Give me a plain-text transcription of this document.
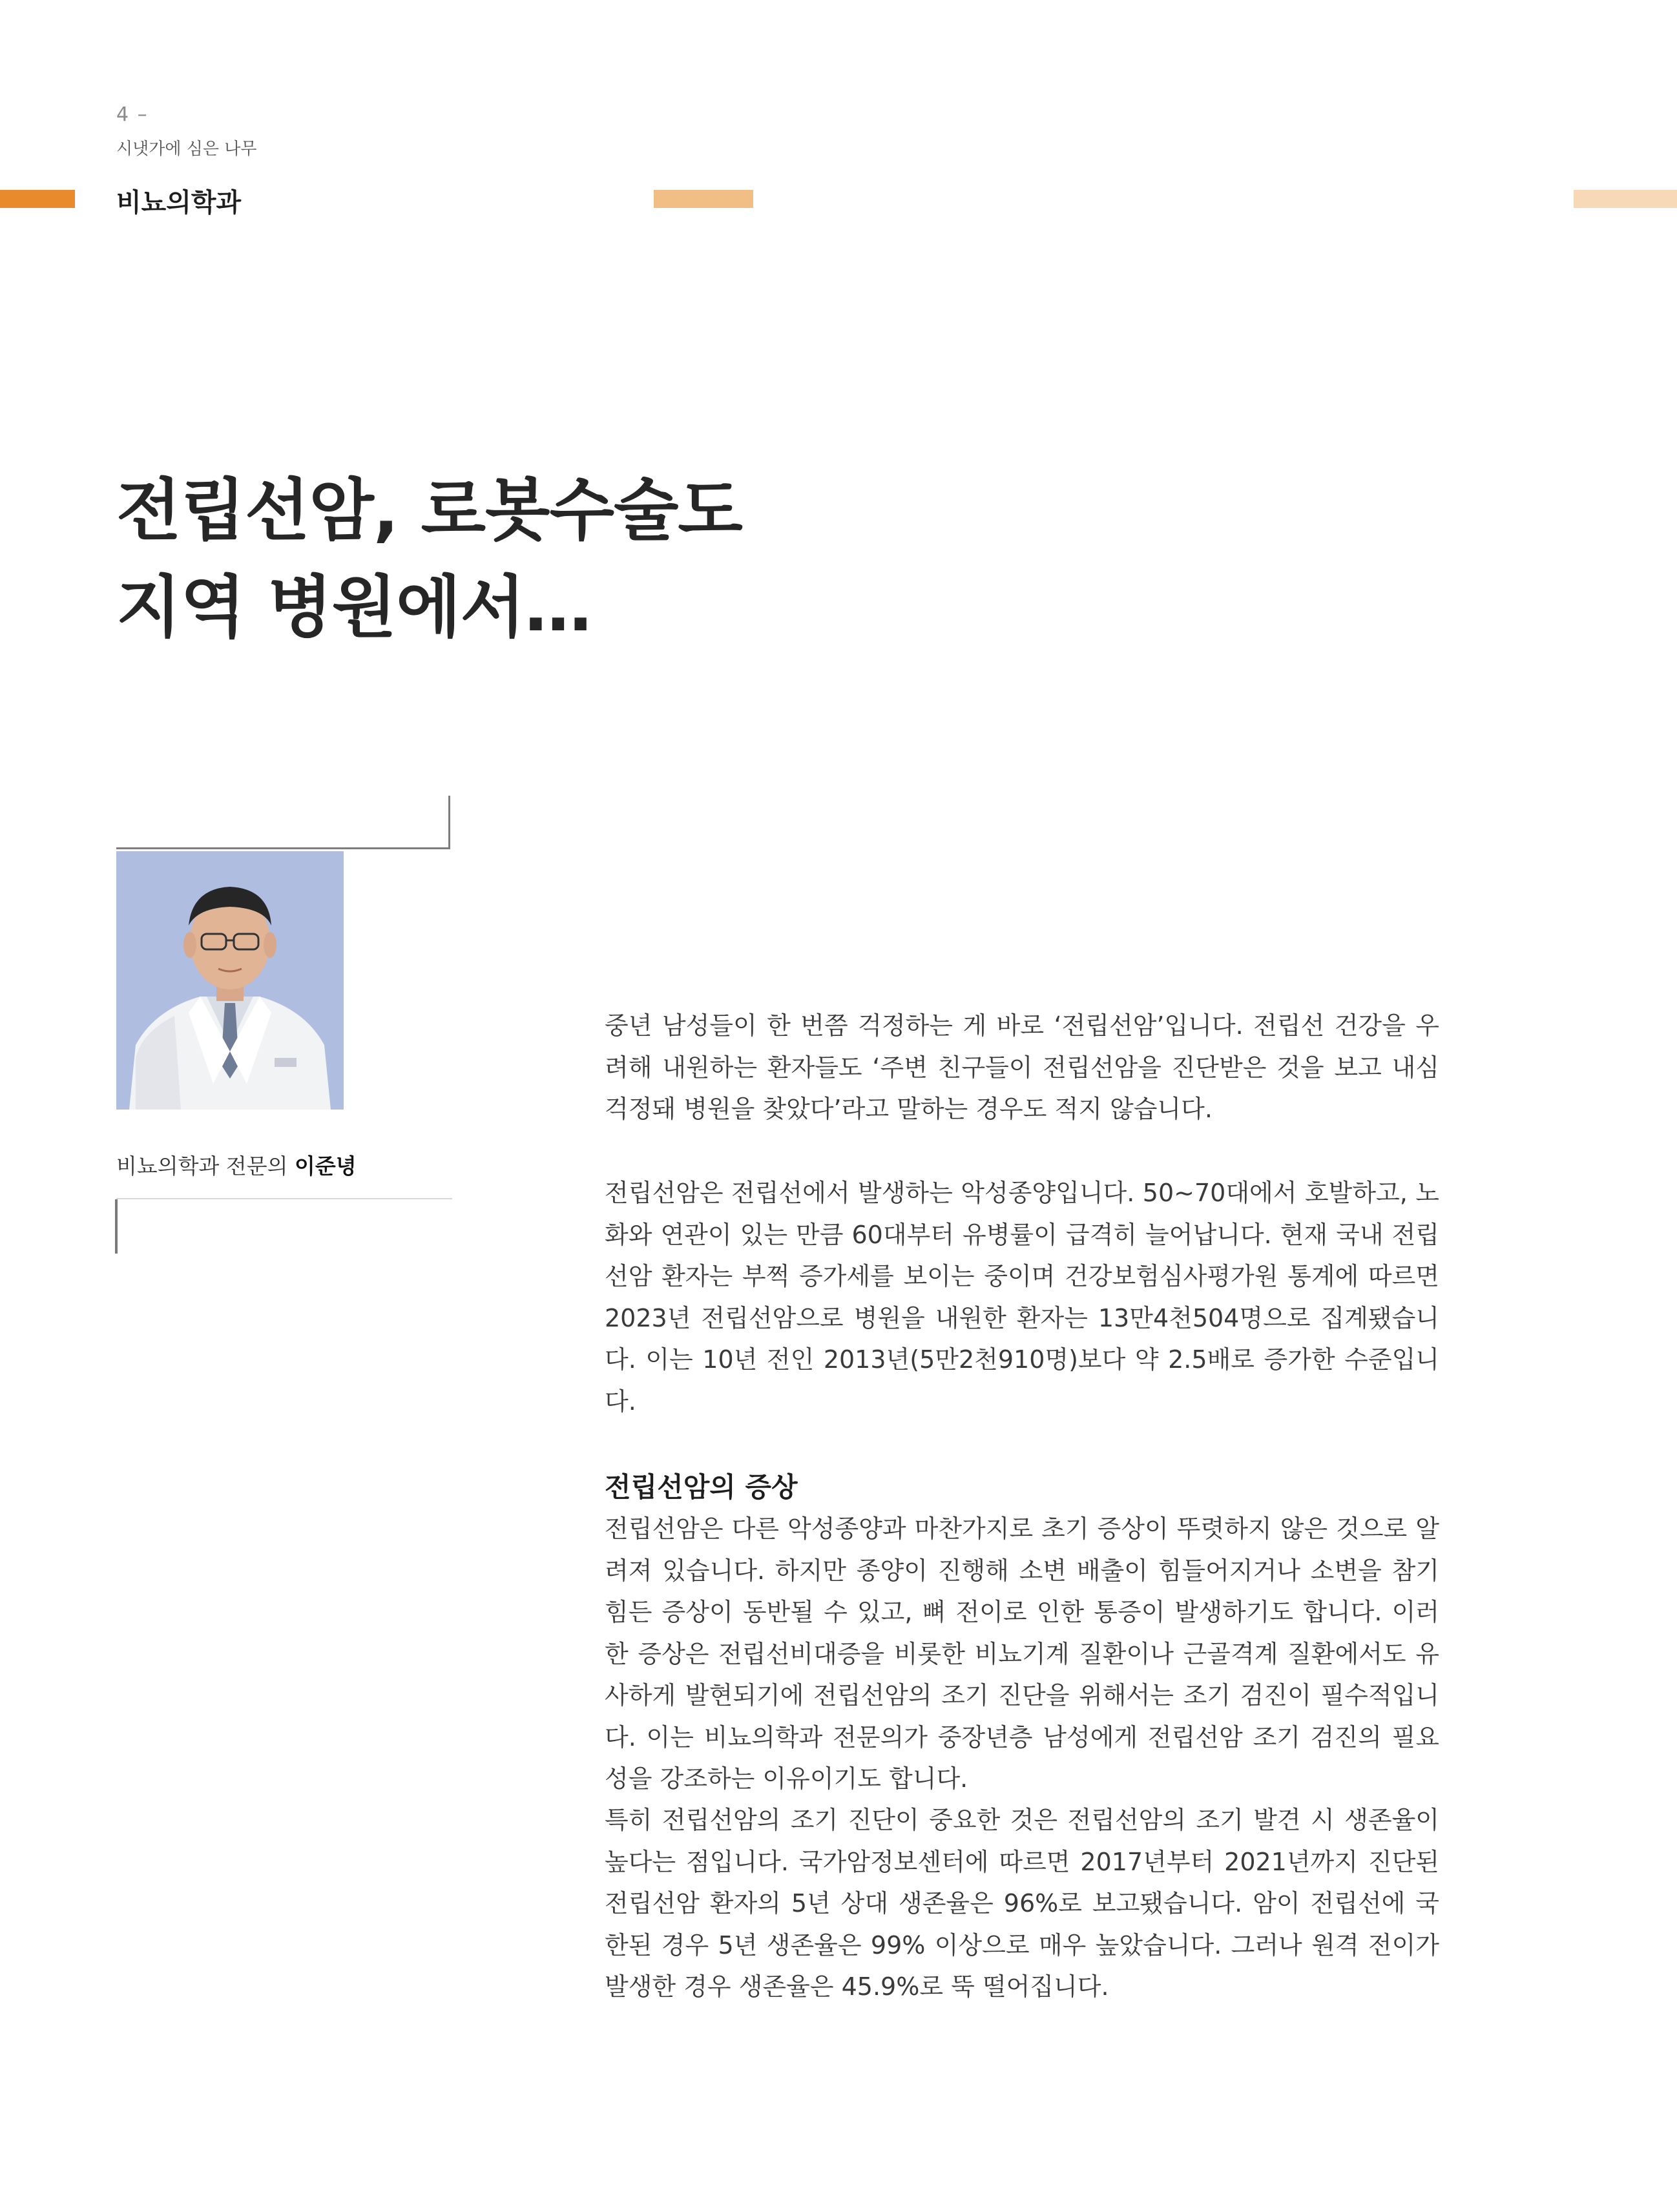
4 –
시냇가에 심은 나무
비뇨의학과
전립선암, 로봇수술도
지역 병원에서…
비뇨의학과 전문의 이준녕

중년 남성들이 한 번쯤 걱정하는 게 바로 ‘전립선암’입니다. 전립선 건강을 우려해 내원하는 환자들도 ‘주변 친구들이 전립선암을 진단받은 것을 보고 내심 걱정돼 병원을 찾았다’라고 말하는 경우도 적지 않습니다.

전립선암은 전립선에서 발생하는 악성종양입니다. 50~70대에서 호발하고, 노화와 연관이 있는 만큼 60대부터 유병률이 급격히 늘어납니다. 현재 국내 전립선암 환자는 부쩍 증가세를 보이는 중이며 건강보험심사평가원 통계에 따르면 2023년 전립선암으로 병원을 내원한 환자는 13만4천504명으로 집계됐습니다. 이는 10년 전인 2013년(5만2천910명)보다 약 2.5배로 증가한 수준입니다.

전립선암의 증상

전립선암은 다른 악성종양과 마찬가지로 초기 증상이 뚜렷하지 않은 것으로 알려져 있습니다. 하지만 종양이 진행해 소변 배출이 힘들어지거나 소변을 참기 힘든 증상이 동반될 수 있고, 뼈 전이로 인한 통증이 발생하기도 합니다. 이러한 증상은 전립선비대증을 비롯한 비뇨기계 질환이나 근골격계 질환에서도 유사하게 발현되기에 전립선암의 조기 진단을 위해서는 조기 검진이 필수적입니다. 이는 비뇨의학과 전문의가 중장년층 남성에게 전립선암 조기 검진의 필요성을 강조하는 이유이기도 합니다.

특히 전립선암의 조기 진단이 중요한 것은 전립선암의 조기 발견 시 생존율이 높다는 점입니다. 국가암정보센터에 따르면 2017년부터 2021년까지 진단된 전립선암 환자의 5년 상대 생존율은 96%로 보고됐습니다. 암이 전립선에 국한된 경우 5년 생존율은 99% 이상으로 매우 높았습니다. 그러나 원격 전이가 발생한 경우 생존율은 45.9%로 뚝 떨어집니다.
